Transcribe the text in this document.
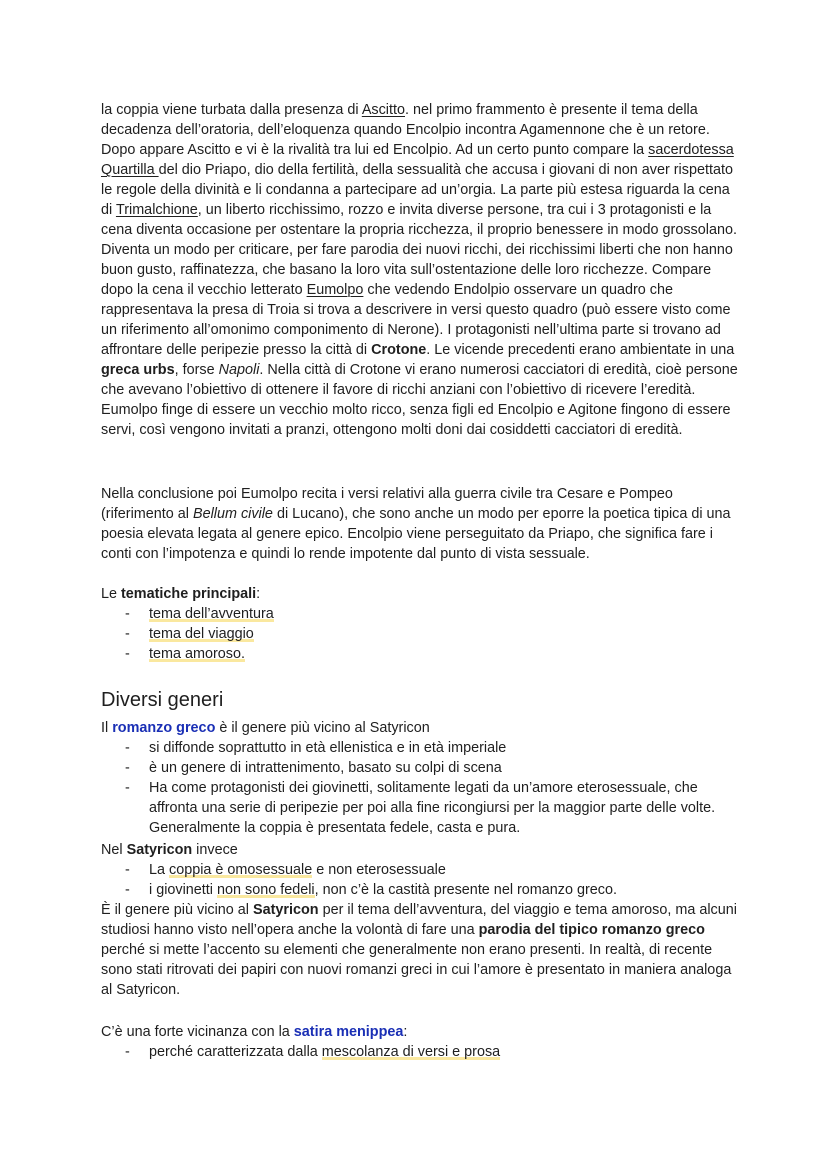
la coppia viene turbata dalla presenza di Ascitto. nel primo frammento è presente il tema della decadenza dell’oratoria, dell’eloquenza quando Encolpio incontra Agamennone che è un retore. Dopo appare Ascitto e vi è la rivalità tra lui ed Encolpio. Ad un certo punto compare la sacerdotessa Quartilla del dio Priapo, dio della fertilità, della sessualità che accusa i giovani di non aver rispettato le regole della divinità e li condanna a partecipare ad un’orgia. La parte più estesa riguarda la cena di Trimalchione, un liberto ricchissimo, rozzo e invita diverse persone, tra cui i 3 protagonisti e la cena diventa occasione per ostentare la propria ricchezza, il proprio benessere in modo grossolano. Diventa un modo per criticare, per fare parodia dei nuovi ricchi, dei ricchissimi liberti che non hanno buon gusto, raffinatezza, che basano la loro vita sull’ostentazione delle loro ricchezze. Compare dopo la cena il vecchio letterato Eumolpo che vedendo Endolpio osservare un quadro che rappresentava la presa di Troia si trova a descrivere in versi questo quadro (può essere visto come un riferimento all’omonimo componimento di Nerone). I protagonisti nell’ultima parte si trovano ad affrontare delle peripezie presso la città di Crotone. Le vicende precedenti erano ambientate in una greca urbs, forse Napoli. Nella città di Crotone vi erano numerosi cacciatori di eredità, cioè persone che avevano l’obiettivo di ottenere il favore di ricchi anziani con l’obiettivo di ricevere l’eredità. Eumolpo finge di essere un vecchio molto ricco, senza figli ed Encolpio e Agitone fingono di essere servi, così vengono invitati a pranzi, ottengono molti doni dai cosiddetti cacciatori di eredità.

Nella conclusione poi Eumolpo recita i versi relativi alla guerra civile tra Cesare e Pompeo (riferimento al Bellum civile di Lucano), che sono anche un modo per eporre la poetica tipica di una poesia elevata legata al genere epico. Encolpio viene perseguitato da Priapo, che significa fare i conti con l’impotenza e quindi lo rende impotente dal punto di vista sessuale.

Le tematiche principali:

- tema dell’avventura
- tema del viaggio
- tema amoroso.
Diversi generi

Il romanzo greco è il genere più vicino al Satyricon

- si diffonde soprattutto in età ellenistica e in età imperiale
- è un genere di intrattenimento, basato su colpi di scena
- Ha come protagonisti dei giovinetti, solitamente legati da un’amore eterosessuale, che affronta una serie di peripezie per poi alla fine ricongiursi per la maggior parte delle volte. Generalmente la coppia è presentata fedele, casta e pura.

Nel Satyricon invece

- La coppia è omosessuale e non eterosessuale
- i giovinetti non sono fedeli, non c’è la castità presente nel romanzo greco.

È il genere più vicino al Satyricon per il tema dell’avventura, del viaggio e tema amoroso, ma alcuni studiosi hanno visto nell’opera anche la volontà di fare una parodia del tipico romanzo greco perché si mette l’accento su elementi che generalmente non erano presenti. In realtà, di recente sono stati ritrovati dei papiri con nuovi romanzi greci in cui l’amore è presentato in maniera analoga al Satyricon.

C’è una forte vicinanza con la satira menippea:

- perché caratterizzata dalla mescolanza di versi e prosa
